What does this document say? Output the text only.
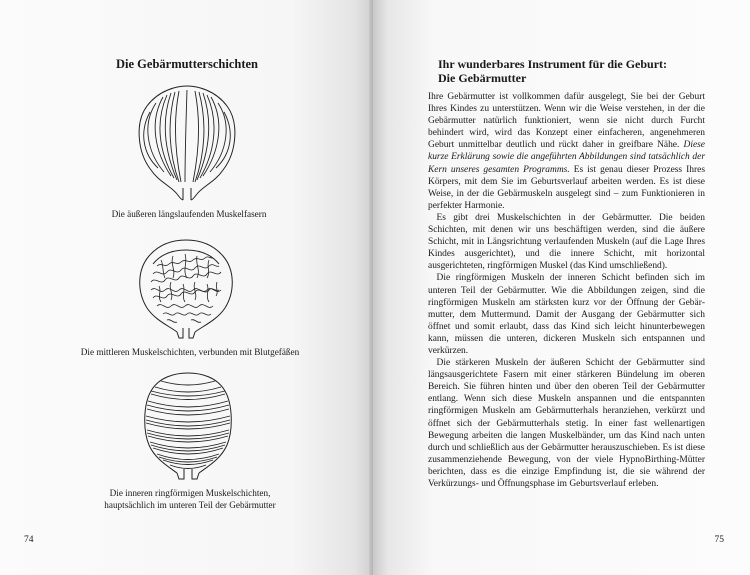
Die Gebärmutterschichten
Die äußeren längslaufenden Muskelfasern
Die mittleren Muskelschichten, verbunden mit Blutgefäßen
Die inneren ringförmigen Muskelschichten,
hauptsächlich im unteren Teil der Gebärmutter
74
Ihr wunderbares Instrument für die Geburt:
Die Gebärmutter

Ihre Gebärmutter ist vollkommen dafür ausgelegt, Sie bei der Geburt Ihres Kindes zu unterstützen. Wenn wir die Weise verstehen, in der die Gebärmutter natürlich funktioniert, wenn sie nicht durch Furcht behindert wird, wird das Konzept einer einfacheren, angenehmeren Geburt unmittelbar deutlich und rückt daher in greifbare Nähe. Diese kurze Erklärung sowie die angeführten Abbildungen sind tatsächlich der Kern unseres gesamten Programms. Es ist genau dieser Prozess Ihres Körpers, mit dem Sie im Geburtsverlauf arbeiten werden. Es ist diese Weise, in der die Gebärmuskeln ausgelegt sind – zum Funktionieren in perfekter Harmonie.

Es gibt drei Muskelschichten in der Gebärmutter. Die beiden Schichten, mit denen wir uns beschäftigen werden, sind die äußere Schicht, mit in Längsrichtung verlaufenden Muskeln (auf die Lage Ihres Kindes ausgerichtet), und die innere Schicht, mit horizontal ausgerichteten, ringförmigen Muskel (das Kind umschließend).

Die ringförmigen Muskeln der inneren Schicht befinden sich im unteren Teil der Gebärmutter. Wie die Abbildungen zeigen, sind die ringförmigen Muskeln am stärksten kurz vor der Öffnung der Gebärmutter, dem Muttermund. Damit der Ausgang der Gebärmutter sich öffnet und somit erlaubt, dass das Kind sich leicht hinunterbewegen kann, müssen die unteren, dickeren Muskeln sich entspannen und verkürzen.

Die stärkeren Muskeln der äußeren Schicht der Gebärmutter sind längsausgerichtete Fasern mit einer stärkeren Bündelung im oberen Bereich. Sie führen hinten und über den oberen Teil der Gebärmutter entlang. Wenn sich diese Muskeln anspannen und die entspannten ringförmigen Muskeln am Gebärmutterhals heranziehen, verkürzt und öffnet sich der Gebärmutterhals stetig. In einer fast wellenartigen Bewegung arbeiten die langen Muskelbänder, um das Kind nach unten durch und schließlich aus der Gebärmutter herauszuschieben. Es ist diese zusammenziehende Bewegung, von der viele HypnoBirthing-Mütter berichten, dass es die einzige Empfindung ist, die sie während der Verkürzungs- und Öffnungsphase im Geburtsverlauf erleben.

75
